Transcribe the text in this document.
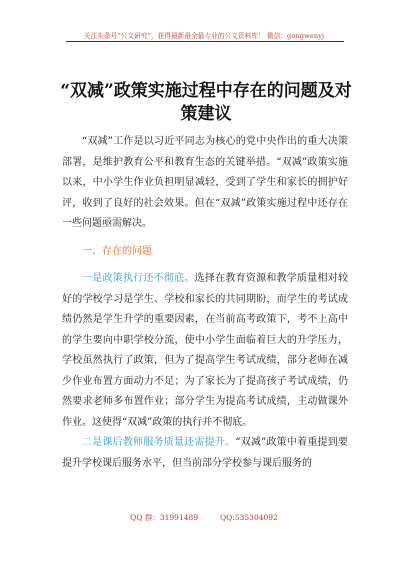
关注头条号“公文研究”，获得最新最全最专业的公文资料库！ 微信：gongwenyj
“双减”政策实施过程中存在的问题及对策建议

“双减”工作是以习近平同志为核心的党中央作出的重大决策部署，是维护教育公平和教育生态的关键举措。“双减”政策实施以来，中小学生作业负担明显减轻，受到了学生和家长的拥护好评，收到了良好的社会效果。但在“双减”政策实施过程中还存在一些问题亟需解决。

一、存在的问题

一是政策执行还不彻底。选择在教育资源和教学质量相对较好的学校学习是学生、学校和家长的共同期盼，而学生的考试成绩仍然是学生升学的重要因素，在当前高考政策下，考不上高中的学生要向中职学校分流，使中小学生面临着巨大的升学压力，学校虽然执行了政策，但为了提高学生考试成绩，部分老师在减少作业布置方面动力不足；为了家长为了提高孩子考试成绩，仍然要求老师多布置作业；部分学生为提高考试成绩，主动做课外作业。这使得“双减”政策的执行并不彻底。

二是课后教师服务质量还需提升。“双减”政策中着重提到要提升学校课后服务水平，但当前部分学校参与课后服务的

QQ 群：31991489	QQ:535304092
